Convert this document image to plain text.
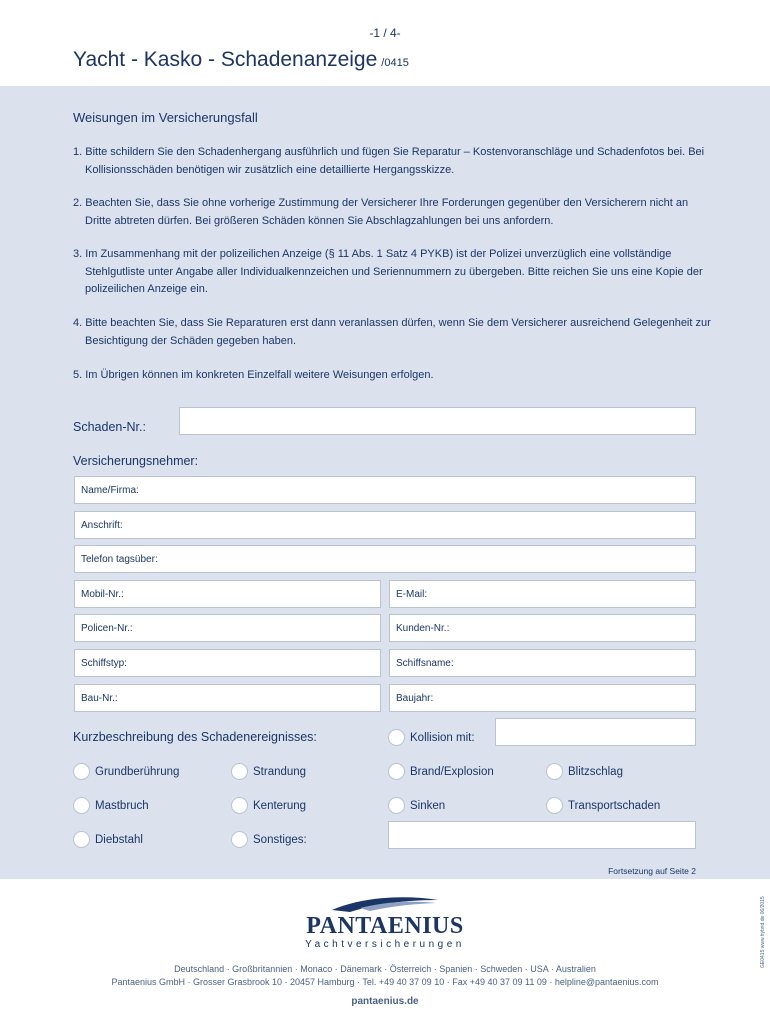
-1 / 4-
Yacht - Kasko - Schadenanzeige /0415
Weisungen im Versicherungsfall
1. Bitte schildern Sie den Schadenhergang ausführlich und fügen Sie Reparatur – Kostenvoranschläge und Schadenfotos bei. Bei Kollisionsschäden benötigen wir zusätzlich eine detaillierte Hergangsskizze.
2. Beachten Sie, dass Sie ohne vorherige Zustimmung der Versicherer Ihre Forderungen gegenüber den Versicherern nicht an Dritte abtreten dürfen. Bei größeren Schäden können Sie Abschlagzahlungen bei uns anfordern.
3. Im Zusammenhang mit der polizeilichen Anzeige (§ 11 Abs. 1 Satz 4 PYKB) ist der Polizei unverzüglich eine vollständige Stehlgutliste unter Angabe aller Individualkennzeichen und Seriennummern zu übergeben. Bitte reichen Sie uns eine Kopie der polizeilichen Anzeige ein.
4. Bitte beachten Sie, dass Sie Reparaturen erst dann veranlassen dürfen, wenn Sie dem Versicherer ausreichend Gelegenheit zur Besichtigung der Schäden gegeben haben.
5. Im Übrigen können im konkreten Einzelfall weitere Weisungen erfolgen.
Schaden-Nr.:
Versicherungsnehmer:
Name/Firma:
Anschrift:
Telefon tagsüber:
Mobil-Nr.:	E-Mail:
Policen-Nr.:	Kunden-Nr.:
Schiffstyp:	Schiffsname:
Bau-Nr.:	Baujahr:
Kurzbeschreibung des Schadenereignisses:	Kollision mit:
Grundberührung	Strandung	Brand/Explosion	Blitzschlag
Mastbruch	Kenterung	Sinken	Transportschaden
Diebstahl	Sonstiges:
Fortsetzung auf Seite 2
PANTAENIUS
Yachtversicherungen
Deutschland · Großbritannien · Monaco · Dänemark · Österreich · Spanien · Schweden · USA · Australien
Pantaenius GmbH · Grosser Grasbrook 10 · 20457 Hamburg · Tel. +49 40 37 09 10 · Fax +49 40 37 09 11 09 · helpline@pantaenius.com
pantaenius.de
GE0415 www.hybrid.de 06/2015
